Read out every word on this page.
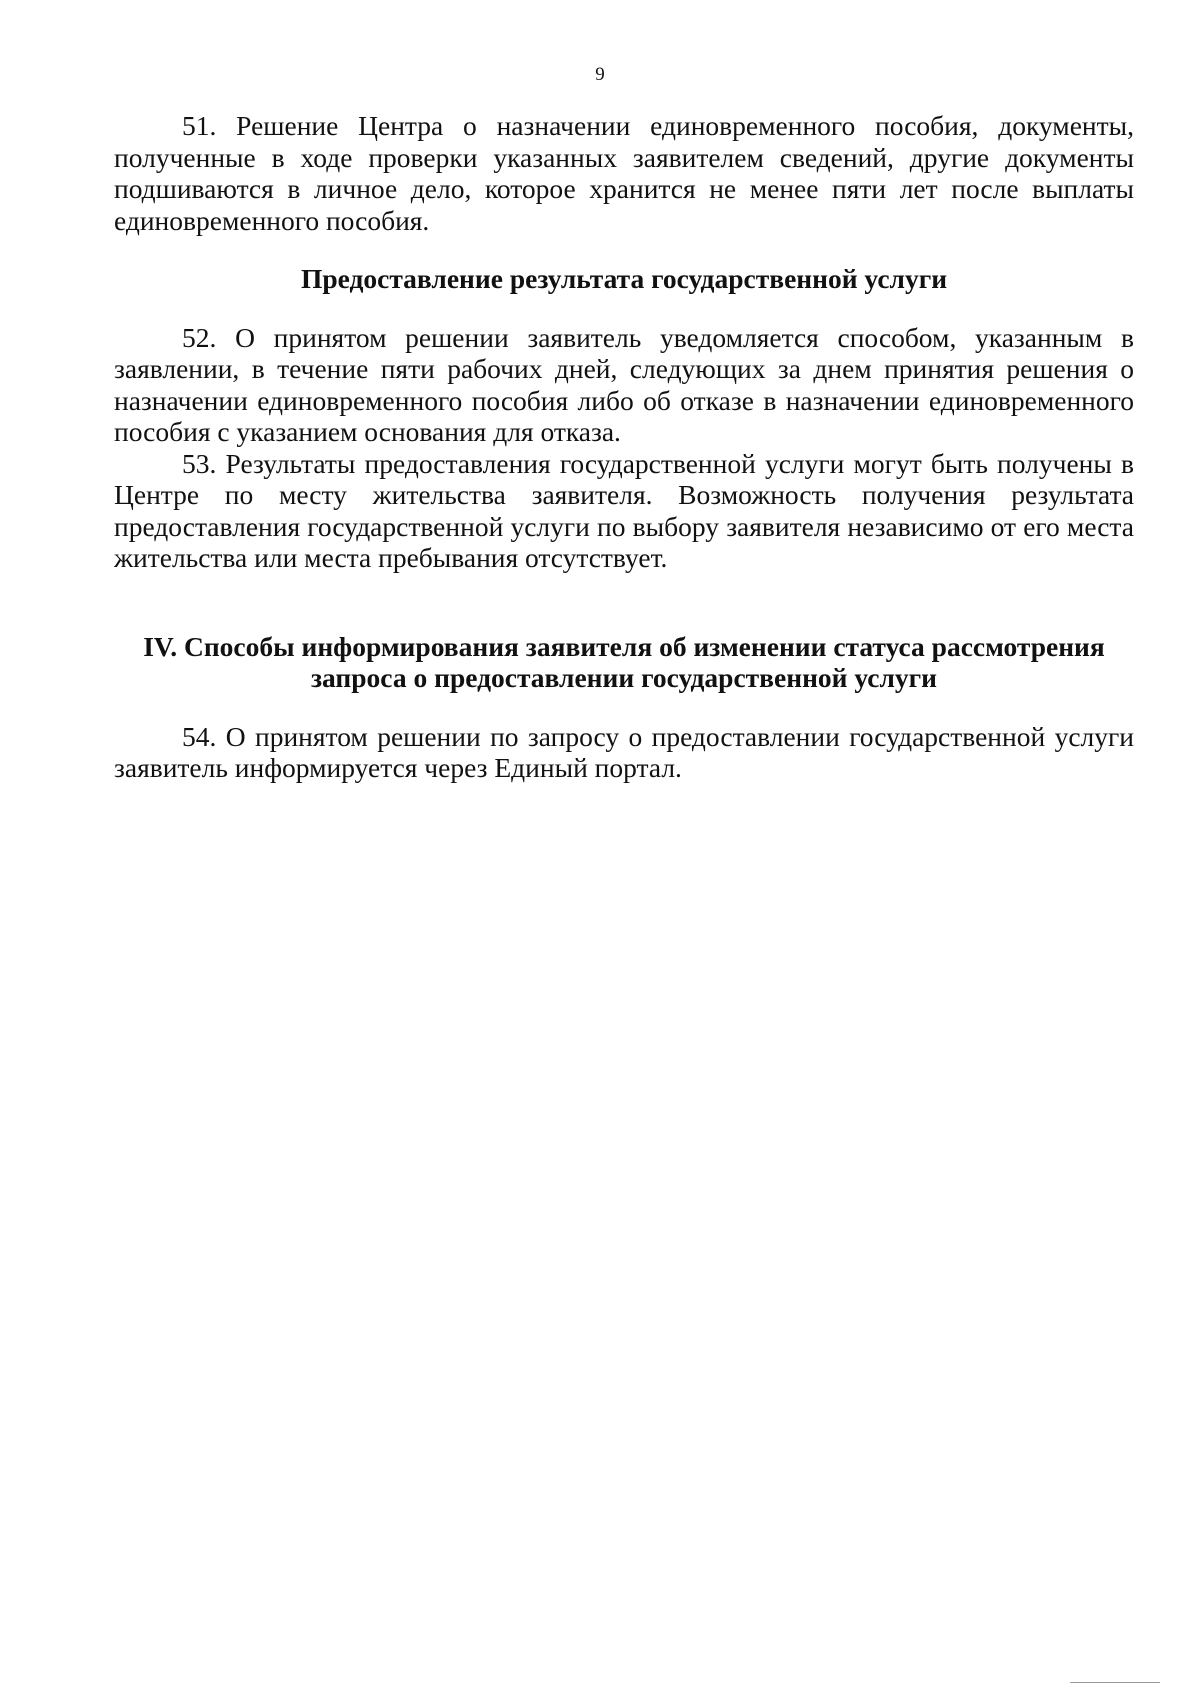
9

51. Решение Центра о назначении единовременного пособия, документы, полученные в ходе проверки указанных заявителем сведений, другие документы подшиваются в личное дело, которое хранится не менее пяти лет после выплаты единовременного пособия.

Предоставление результата государственной услуги

52. О принятом решении заявитель уведомляется способом, указанным в заявлении, в течение пяти рабочих дней, следующих за днем принятия решения о назначении единовременного пособия либо об отказе в назначении единовременного пособия с указанием основания для отказа.

53. Результаты предоставления государственной услуги могут быть получены в Центре по месту жительства заявителя. Возможность получения результата предоставления государственной услуги по выбору заявителя независимо от его места жительства или места пребывания отсутствует.

IV. Способы информирования заявителя об изменении статуса рассмотрения
запроса о предоставлении государственной услуги

54. О принятом решении по запросу о предоставлении государственной услуги заявитель информируется через Единый портал.
